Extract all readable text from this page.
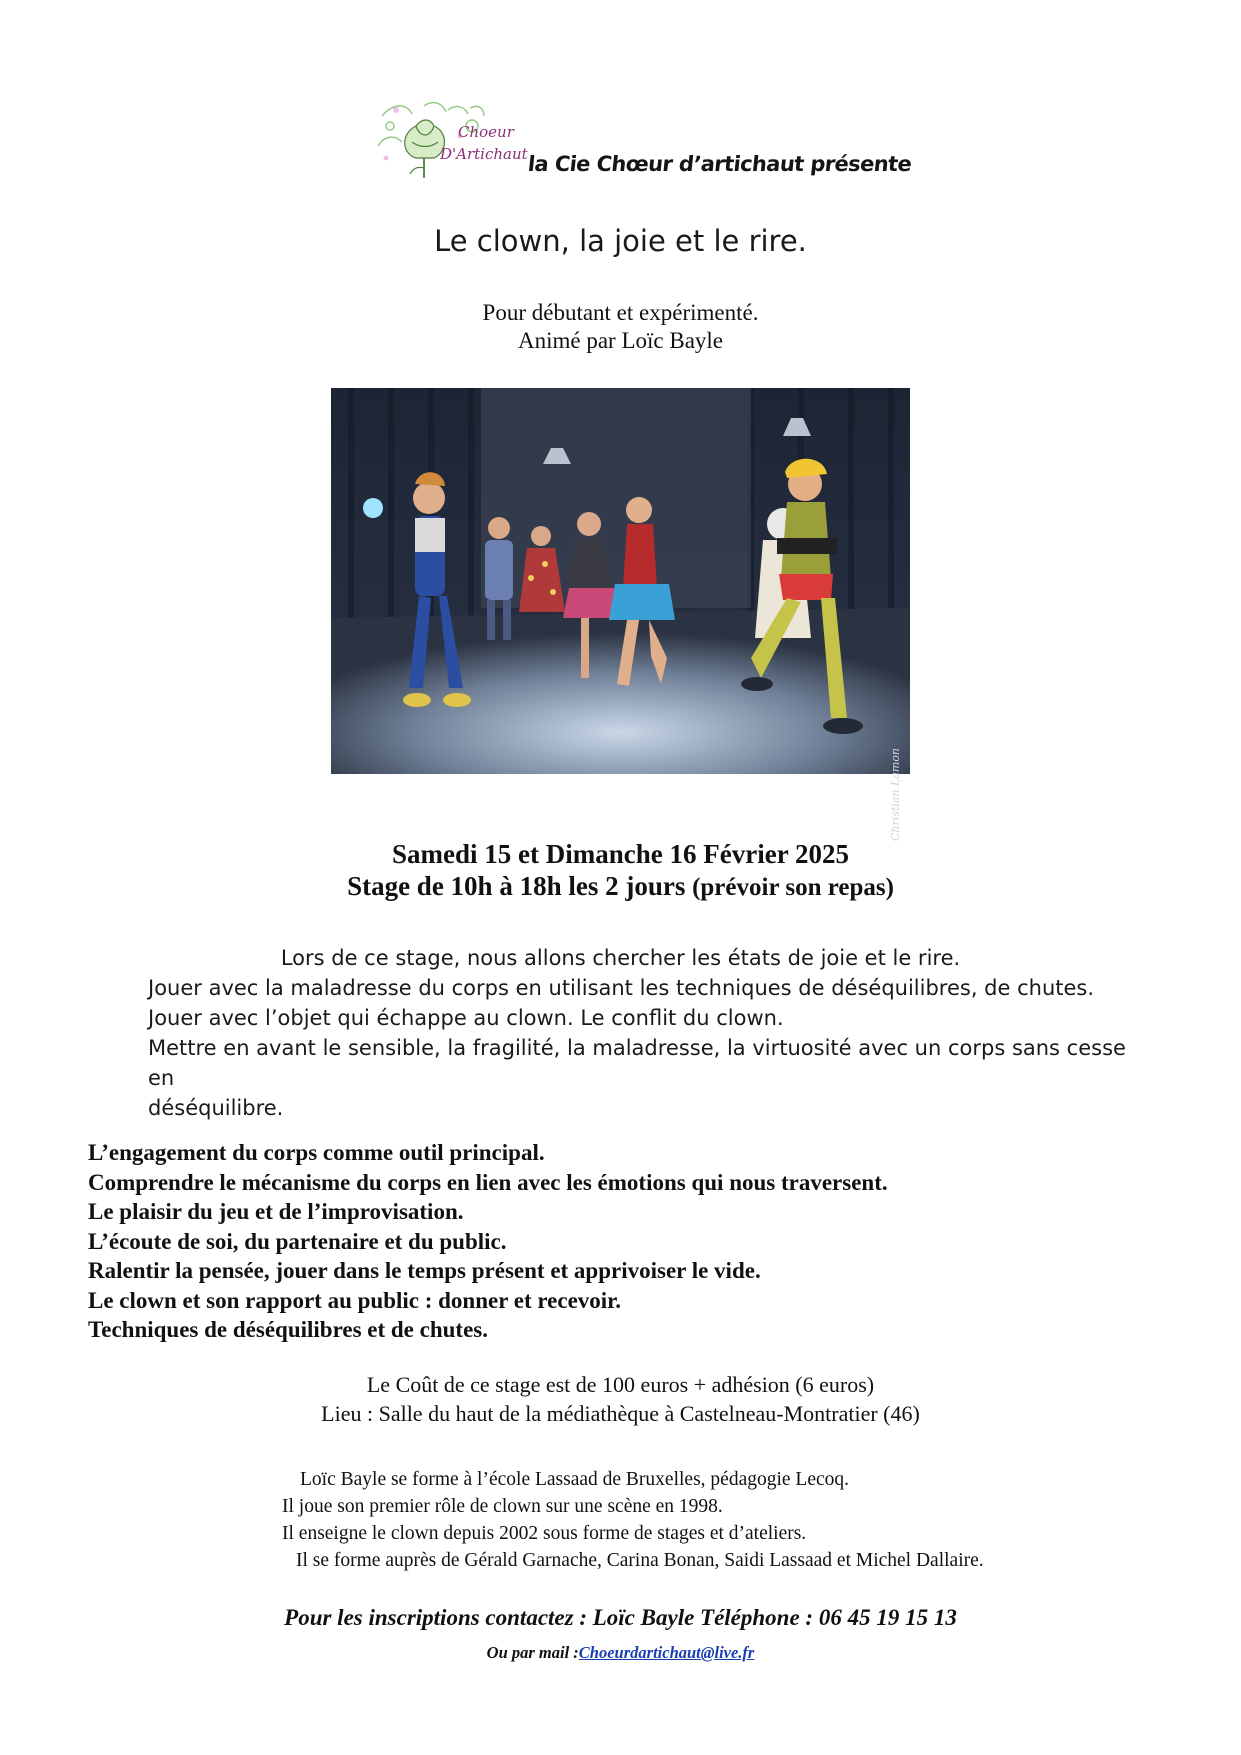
Choeur
D'Artichaut la Cie Chœur d’artichaut présente
Le clown, la joie et le rire.
Pour débutant et expérimenté.
Animé par Loïc Bayle
Christian Lamon
Samedi 15 et Dimanche 16 Février 2025
Stage de 10h à 18h les 2 jours (prévoir son repas)
Lors de ce stage, nous allons chercher les états de joie et le rire.
Jouer avec la maladresse du corps en utilisant les techniques de déséquilibres, de chutes.
Jouer avec l’objet qui échappe au clown. Le conflit du clown.
Mettre en avant le sensible, la fragilité, la maladresse, la virtuosité avec un corps sans cesse en
déséquilibre.
L’engagement du corps comme outil principal.
Comprendre le mécanisme du corps en lien avec les émotions qui nous traversent.
Le plaisir du jeu et de l’improvisation.
L’écoute de soi, du partenaire et du public.
Ralentir la pensée, jouer dans le temps présent et apprivoiser le vide.
Le clown et son rapport au public : donner et recevoir.
Techniques de déséquilibres et de chutes.
Le Coût de ce stage est de 100 euros + adhésion (6 euros)
Lieu : Salle du haut de la médiathèque à Castelneau-Montratier (46)
Loïc Bayle se forme à l’école Lassaad de Bruxelles, pédagogie Lecoq.
Il joue son premier rôle de clown sur une scène en 1998.
Il enseigne le clown depuis 2002 sous forme de stages et d’ateliers.
Il se forme auprès de Gérald Garnache, Carina Bonan, Saidi Lassaad et Michel Dallaire.
Pour les inscriptions contactez : Loïc Bayle Téléphone : 06 45 19 15 13
Ou par mail :Choeurdartichaut@live.fr
